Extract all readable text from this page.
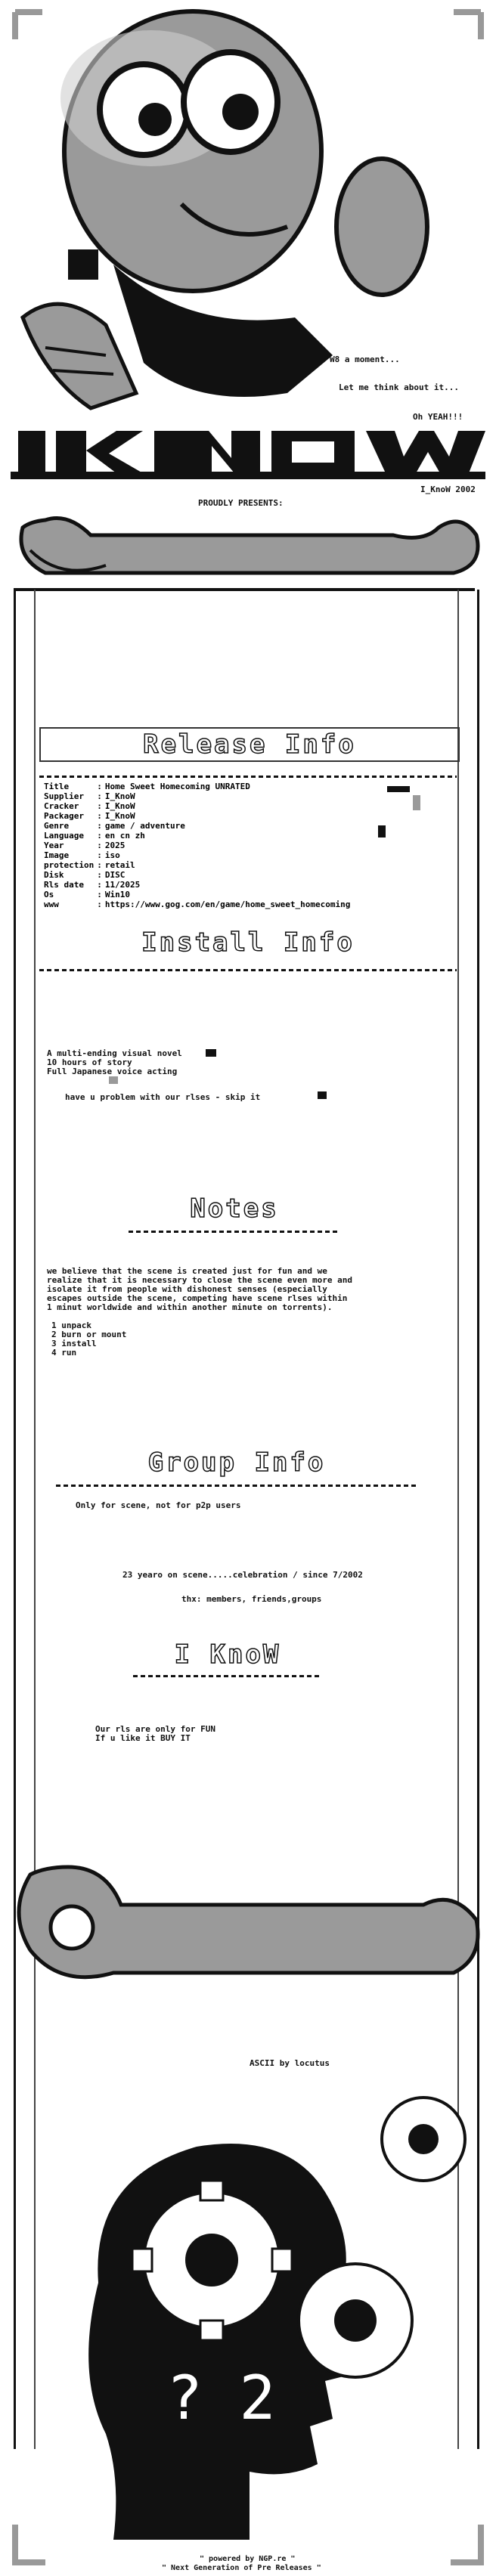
W8 a moment...
Let me think about it...
Oh YEAH!!!
I_KnoW 2002
PROUDLY PRESENTS:
Release Info
Title	:	Home Sweet Homecoming UNRATED
Supplier	:	I_KnoW
Cracker	:	I_KnoW
Packager	:	I_KnoW
Genre	:	game / adventure
Language	:	en cn zh
Year	:	2025
Image	:	iso
protection	:	retail
Disk	:	DISC
Rls date	:	11/2025
Os	:	Win10
www	:	https://www.gog.com/en/game/home_sweet_homecoming
Install Info
A multi-ending visual novel
10 hours of story
Full Japanese voice acting
have u problem with our rlses - skip it
Notes
we believe that the scene is created just for fun and we
realize that it is necessary to close the scene even more and
isolate it from people with dishonest senses (especially
escapes outside the scene, competing have scene rlses within
1 minut worldwide and within another minute on torrents).
1 unpack
2 burn or mount
3 install
4 run
Group Info
Only for scene, not for p2p users
23 yearo on scene.....celebration / since 7/2002
thx: members, friends,groups
I KnoW
Our rls are only for FUN
If u like it BUY IT
ASCII by locutus
? 2
" powered by NGP.re "
" Next Generation of Pre Releases "
